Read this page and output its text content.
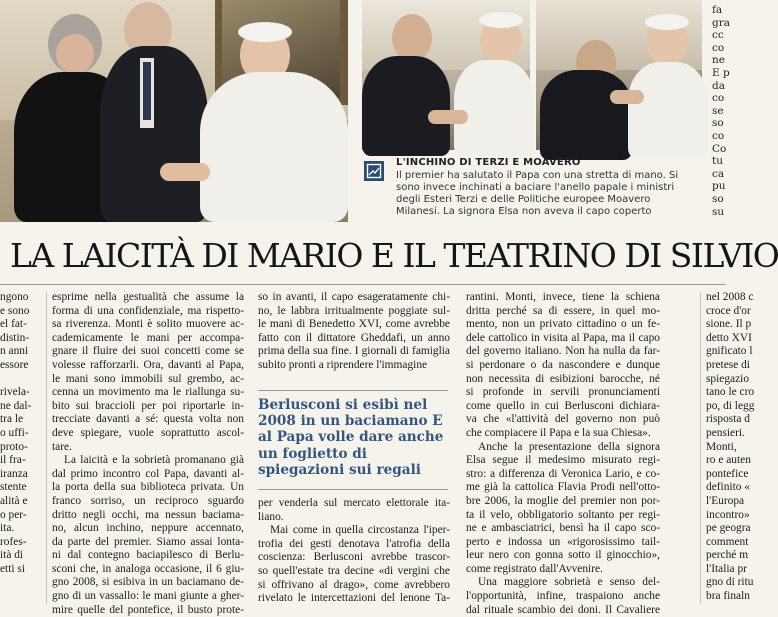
L'INCHINO DI TERZI E MOAVERO
Il premier ha salutato il Papa con una stretta di mano. Si
sono invece inchinati a baciare l'anello papale i ministri
degli Esteri Terzi e delle Politiche europee Moavero
Milanesi. La signora Elsa non aveva il capo coperto
fa
gra
cc
co
ne
E p
da
co
se
so
co
Co
tu
ca
pu
so
su
LA LAICITÀ DI MARIO E IL TEATRINO DI SILVIO
ngono
e sono
el fat-
distin-
n anni
essore
rivela-
ne dal-
tra le
o uffi-
proto-
il fra-
iranza
stente
alità e
o per-
ita.
rofes-
ità di
etti si
esprime nella gestualità che assume la
forma di una confidenziale, ma rispetto-
sa riverenza. Monti è solito muovere ac-
cademicamente le mani per accompa-
gnare il fluire dei suoi concetti come se
volesse rafforzarli. Ora, davanti al Papa,
le mani sono immobili sul grembo, ac-
cenna un movimento ma le riallunga su-
bito sui braccioli per poi riportarle in-
trecciate davanti a sé: questa volta non
deve spiegare, vuole soprattutto ascol-
tare.
La laicità e la sobrietà promanano già
dal primo incontro col Papa, davanti al-
la porta della sua biblioteca privata. Un
franco sorriso, un reciproco sguardo
dritto negli occhi, ma nessun baciama-
no, alcun inchino, neppure accennato,
da parte del premier. Siamo assai lonta-
ni dal contegno baciapilesco di Berlu-
sconi che, in analoga occasione, il 6 giu-
gno 2008, si esibiva in un baciamano de-
gno di un vassallo: le mani giunte a gher-
mire quelle del pontefice, il busto prote-
so in avanti, il capo esageratamente chi-
no, le labbra irritualmente poggiate sul-
le mani di Benedetto XVI, come avrebbe
fatto con il dittatore Gheddafi, un anno
prima della sua fine. I giornali di famiglia
subito pronti a riprendere l'immagine
Berlusconi si esibì nel 2008 in un baciamano E al Papa volle dare anche un foglietto di spiegazioni sui regali
per venderla sul mercato elettorale ita-
liano.
Mai come in quella circostanza l'iper-
trofia dei gesti denotava l'atrofia della
coscienza: Berlusconi avrebbe trascor-
so quell'estate tra decine «di vergini che
si offrivano al drago», come avrebbero
rivelato le intercettazioni del lenone Ta-
rantini. Monti, invece, tiene la schiena
dritta perché sa di essere, in quel mo-
mento, non un privato cittadino o un fe-
dele cattolico in visita al Papa, ma il capo
del governo italiano. Non ha nulla da far-
si perdonare o da nascondere e dunque
non necessita di esibizioni barocche, né
si profonde in servili pronunciamenti
come quello in cui Berlusconi dichiara-
va che «l'attività del governo non può
che compiacere il Papa e la sua Chiesa».
Anche la presentazione della signora
Elsa segue il medesimo misurato regi-
stro: a differenza di Veronica Lario, e co-
me già la cattolica Flavia Prodi nell'otto-
bre 2006, la moglie del premier non por-
ta il velo, obbligatorio soltanto per regi-
ne e ambasciatrici, bensì ha il capo sco-
perto e indossa un «rigorosissimo tail-
leur nero con gonna sotto il ginocchio»,
come registrato dall'Avvenire.
Una maggiore sobrietà e senso del-
l'opportunità, infine, traspaiono anche
dal rituale scambio dei doni. Il Cavaliere
nel 2008 c
croce d'or
sione. Il p
detto XVI
gnificato l
pretese di
spiegazio
tano le cro
po, di legg
risposta d
pensieri.
Monti,
ro e auten
pontefice
definito «
l'Europa
incontro»
pe geogra
comment
perché m
l'Italia pr
gno di ritu
bra finaln
